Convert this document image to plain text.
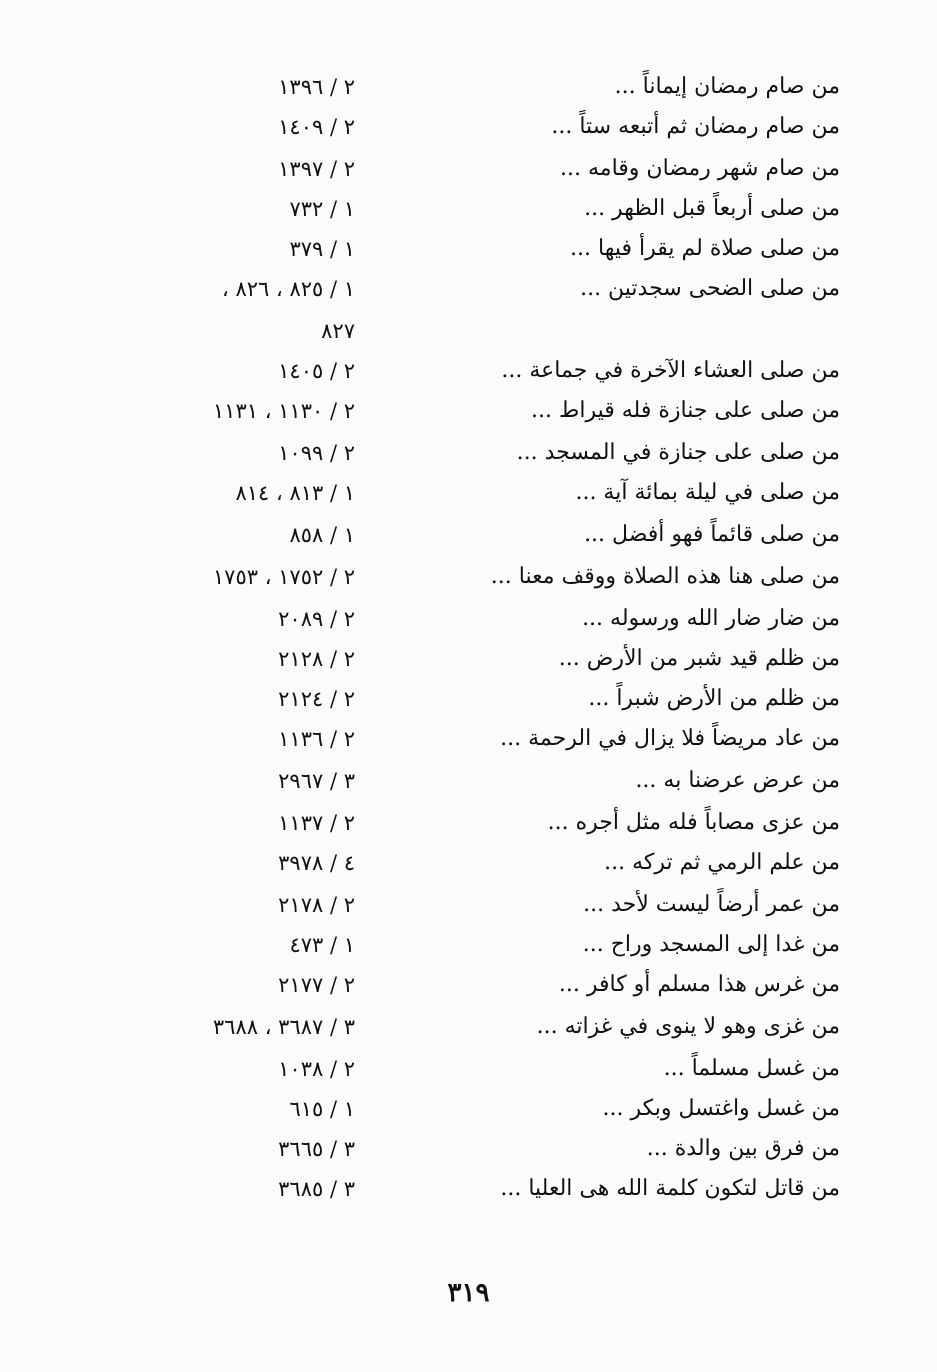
من صام رمضان إيماناً ...
٢ / ١٣٩٦
من صام رمضان ثم أتبعه ستاً ...
٢ / ١٤٠٩
من صام شهر رمضان وقامه ...
٢ / ١٣٩٧
من صلى أربعاً قبل الظهر ...
١ / ٧٣٢
من صلى صلاة لم يقرأ فيها ...
١ / ٣٧٩
من صلى الضحى سجدتين ...
١ / ٨٢٥ ، ٨٢٦ ،
٨٢٧
من صلى العشاء الآخرة في جماعة ...
٢ / ١٤٠٥
من صلى على جنازة فله قيراط ...
٢ / ١١٣٠ ، ١١٣١
من صلى على جنازة في المسجد ...
٢ / ١٠٩٩
من صلى في ليلة بمائة آية ...
١ / ٨١٣ ، ٨١٤
من صلى قائماً فهو أفضل ...
١ / ٨٥٨
من صلى هنا هذه الصلاة ووقف معنا ...
٢ / ١٧٥٢ ، ١٧٥٣
من ضار ضار الله ورسوله ...
٢ / ٢٠٨٩
من ظلم قيد شبر من الأرض ...
٢ / ٢١٢٨
من ظلم من الأرض شبراً ...
٢ / ٢١٢٤
من عاد مريضاً فلا يزال في الرحمة ...
٢ / ١١٣٦
من عرض عرضنا به ...
٣ / ٢٩٦٧
من عزى مصاباً فله مثل أجره ...
٢ / ١١٣٧
من علم الرمي ثم تركه ...
٤ / ٣٩٧٨
من عمر أرضاً ليست لأحد ...
٢ / ٢١٧٨
من غدا إلى المسجد وراح ...
١ / ٤٧٣
من غرس هذا مسلم أو كافر ...
٢ / ٢١٧٧
من غزى وهو لا ينوى في غزاته ...
٣ / ٣٦٨٧ ، ٣٦٨٨
من غسل مسلماً ...
٢ / ١٠٣٨
من غسل واغتسل وبكر ...
١ / ٦١٥
من فرق بين والدة ...
٣ / ٣٦٦٥
من قاتل لتكون كلمة الله هى العليا ...
٣ / ٣٦٨٥
٣١٩
